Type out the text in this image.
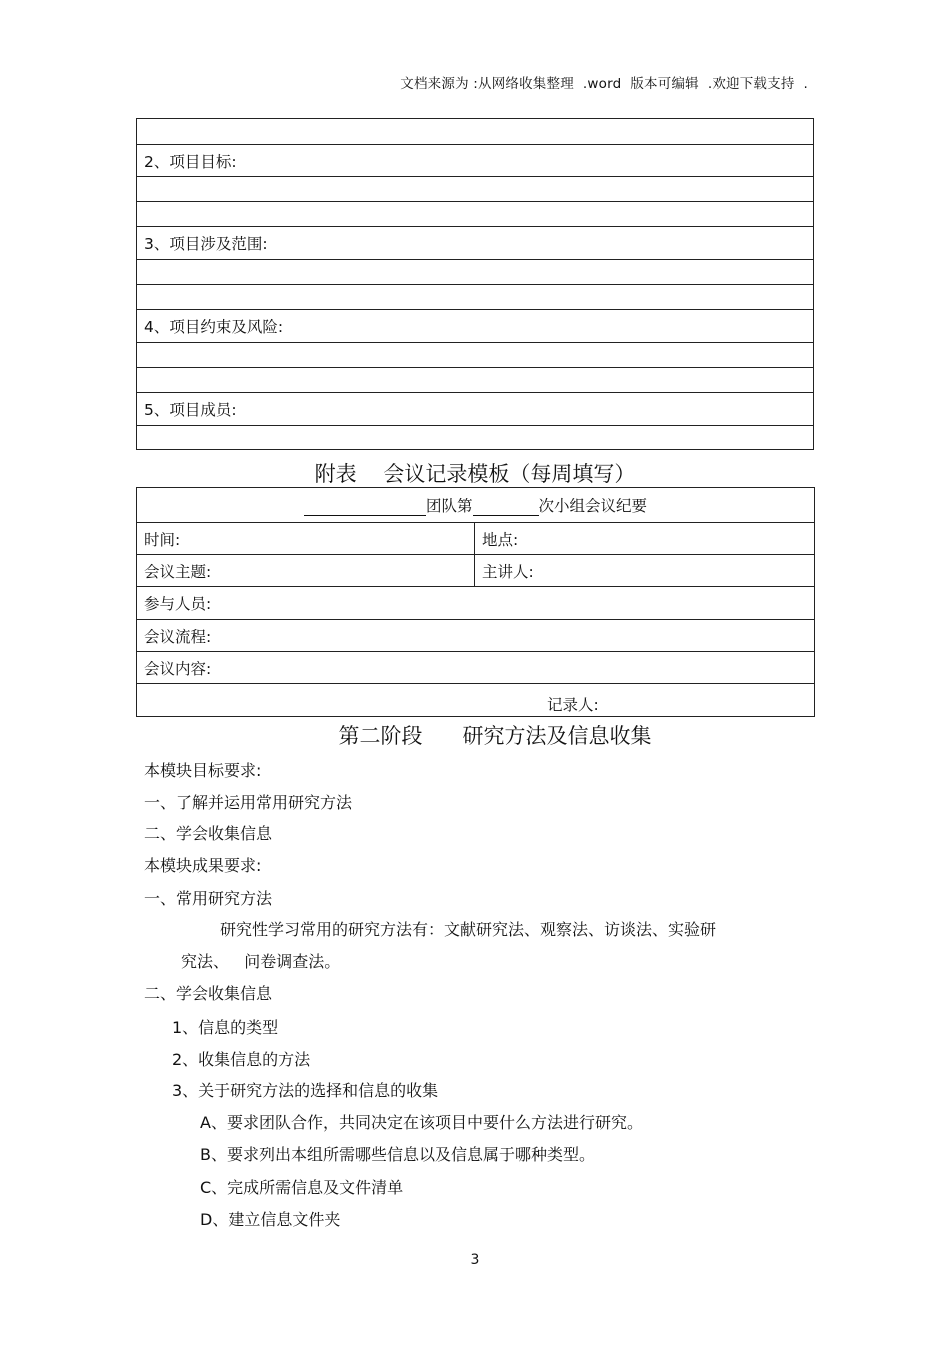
文档来源为 :从网络收集整理  .word  版本可编辑  .欢迎下载支持  .

2、项目目标:

3、项目涉及范围:

4、项目约束及风险:

5、项目成员:

附表    会议记录模板（每周填写）
团队第 次小组会议纪要	
时间:	地点:
会议主题:	主讲人:
参与人员:	
会议流程:	
会议内容:	
记录人:	
第二阶段      研究方法及信息收集
本模块目标要求:
一、了解并运用常用研究方法
二、学会收集信息
本模块成果要求:
一、常用研究方法
研究性学习常用的研究方法有：文献研究法、观察法、访谈法、实验研
究法、   问卷调查法。
二、学会收集信息
1、信息的类型
2、收集信息的方法
3、关于研究方法的选择和信息的收集
A、要求团队合作，共同决定在该项目中要什么方法进行研究。
B、要求列出本组所需哪些信息以及信息属于哪种类型。
C、完成所需信息及文件清单
D、建立信息文件夹
3
